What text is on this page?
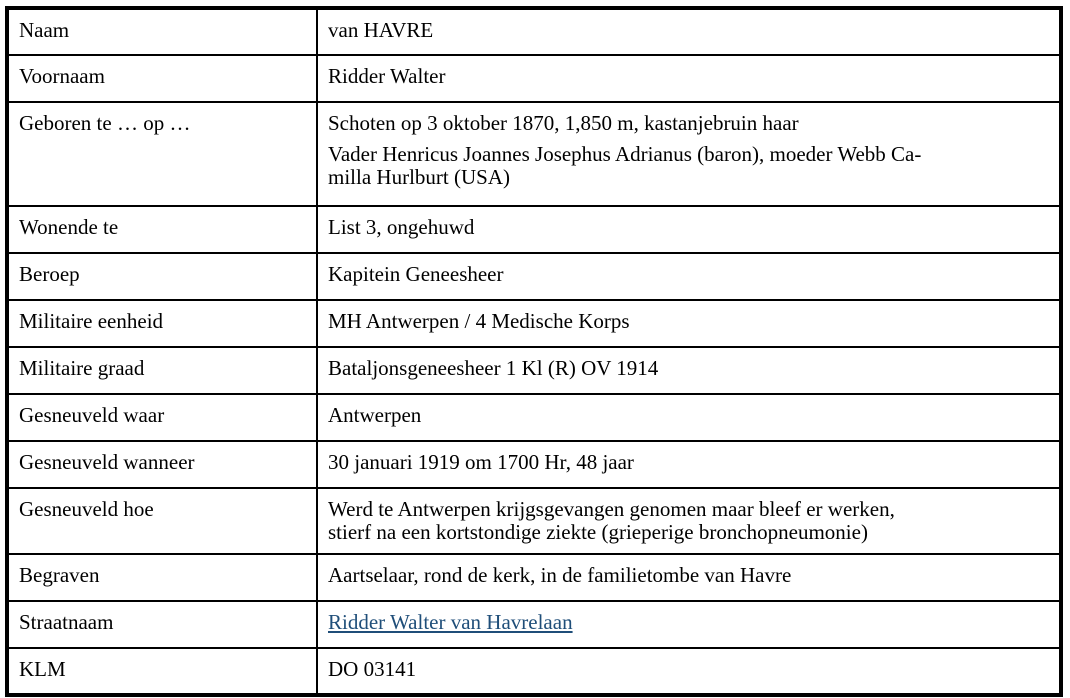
Naam	van HAVRE
Voornaam	Ridder Walter
Geboren te … op …	Schoten op 3 oktober 1870, 1,850 m, kastanjebruin haar
Vader Henricus Joannes Josephus Adrianus (baron), moeder Webb Ca-
milla Hurlburt (USA)

Wonende te	List 3, ongehuwd
Beroep	Kapitein Geneesheer
Militaire eenheid	MH Antwerpen / 4 Medische Korps
Militaire graad	Bataljonsgeneesheer 1 Kl (R) OV 1914
Gesneuveld waar	Antwerpen
Gesneuveld wanneer	30 januari 1919 om 1700 Hr, 48 jaar
Gesneuveld hoe	Werd te Antwerpen krijgsgevangen genomen maar bleef er werken,
stierf na een kortstondige ziekte (grieperige bronchopneumonie)

Begraven	Aartselaar, rond de kerk, in de familietombe van Havre
Straatnaam	Ridder Walter van Havrelaan
KLM	DO 03141
